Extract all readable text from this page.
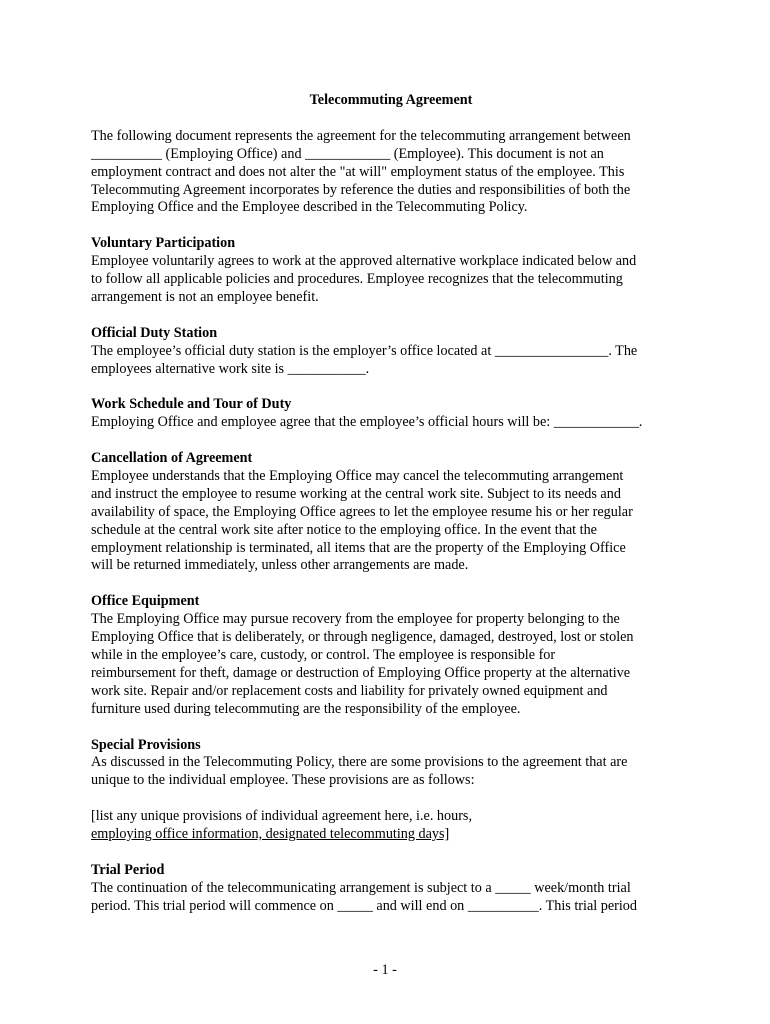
Telecommuting Agreement
The following document represents the agreement for the telecommuting arrangement between
__________ (Employing Office) and ____________ (Employee). This document is not an
employment contract and does not alter the "at will" employment status of the employee. This
Telecommuting Agreement incorporates by reference the duties and responsibilities of both the
Employing Office and the Employee described in the Telecommuting Policy.
Voluntary Participation
Employee voluntarily agrees to work at the approved alternative workplace indicated below and
to follow all applicable policies and procedures. Employee recognizes that the telecommuting
arrangement is not an employee benefit.
Official Duty Station
The employee’s official duty station is the employer’s office located at ________________. The
employees alternative work site is ___________.
Work Schedule and Tour of Duty
Employing Office and employee agree that the employee’s official hours will be: ____________.
Cancellation of Agreement
Employee understands that the Employing Office may cancel the telecommuting arrangement
and instruct the employee to resume working at the central work site. Subject to its needs and
availability of space, the Employing Office agrees to let the employee resume his or her regular
schedule at the central work site after notice to the employing office. In the event that the
employment relationship is terminated, all items that are the property of the Employing Office
will be returned immediately, unless other arrangements are made.
Office Equipment
The Employing Office may pursue recovery from the employee for property belonging to the
Employing Office that is deliberately, or through negligence, damaged, destroyed, lost or stolen
while in the employee’s care, custody, or control. The employee is responsible for
reimbursement for theft, damage or destruction of Employing Office property at the alternative
work site. Repair and/or replacement costs and liability for privately owned equipment and
furniture used during telecommuting are the responsibility of the employee.
Special Provisions
As discussed in the Telecommuting Policy, there are some provisions to the agreement that are
unique to the individual employee. These provisions are as follows:
[list any unique provisions of individual agreement here, i.e. hours,
employing office information, designated telecommuting days]
Trial Period
The continuation of the telecommunicating arrangement is subject to a _____ week/month trial
period. This trial period will commence on _____ and will end on __________. This trial period
- 1 -
